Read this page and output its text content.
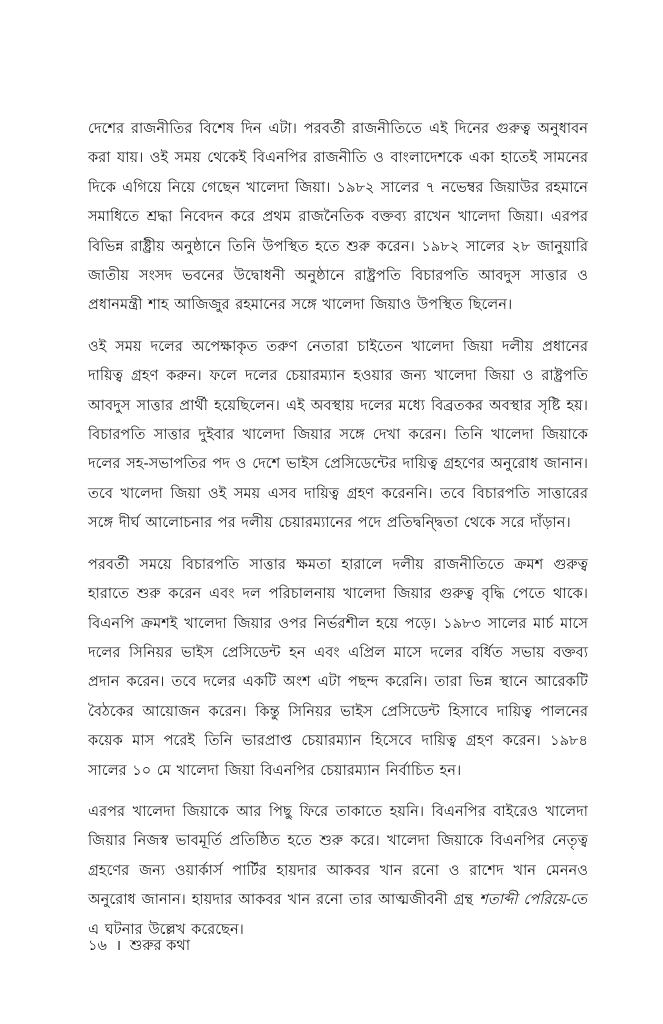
দেশের রাজনীতির বিশেষ দিন এটা। পরবর্তী রাজনীতিতে এই দিনের গুরুত্ব অনুধাবন করা যায়। ওই সময় থেকেই বিএনপির রাজনীতি ও বাংলাদেশকে একা হাতেই সামনের দিকে এগিয়ে নিয়ে গেছেন খালেদা জিয়া। ১৯৮২ সালের ৭ নভেম্বর জিয়াউর রহমানে সমাধিতে শ্রদ্ধা নিবেদন করে প্রথম রাজনৈতিক বক্তব্য রাখেন খালেদা জিয়া। এরপর বিভিন্ন রাষ্ট্রীয় অনুষ্ঠানে তিনি উপস্থিত হতে শুরু করেন। ১৯৮২ সালের ২৮ জানুয়ারি জাতীয় সংসদ ভবনের উদ্বোধনী অনুষ্ঠানে রাষ্ট্রপতি বিচারপতি আবদুস সাত্তার ও প্রধানমন্ত্রী শাহ আজিজুর রহমানের সঙ্গে খালেদা জিয়াও উপস্থিত ছিলেন।

ওই সময় দলের অপেক্ষাকৃত তরুণ নেতারা চাইতেন খালেদা জিয়া দলীয় প্রধানের দায়িত্ব গ্রহণ করুন। ফলে দলের চেয়ারম্যান হওয়ার জন্য খালেদা জিয়া ও রাষ্ট্রপতি আবদুস সাত্তার প্রার্থী হয়েছিলেন। এই অবস্থায় দলের মধ্যে বিব্রতকর অবস্থার সৃষ্টি হয়। বিচারপতি সাত্তার দুইবার খালেদা জিয়ার সঙ্গে দেখা করেন। তিনি খালেদা জিয়াকে দলের সহ-সভাপতির পদ ও দেশে ভাইস প্রেসিডেন্টের দায়িত্ব গ্রহণের অনুরোধ জানান। তবে খালেদা জিয়া ওই সময় এসব দায়িত্ব গ্রহণ করেননি। তবে বিচারপতি সাত্তারের সঙ্গে দীর্ঘ আলোচনার পর দলীয় চেয়ারম্যানের পদে প্রতিদ্বন্দ্বিতা থেকে সরে দাঁড়ান।

পরবর্তী সময়ে বিচারপতি সাত্তার ক্ষমতা হারালে দলীয় রাজনীতিতে ক্রমশ গুরুত্ব হারাতে শুরু করেন এবং দল পরিচালনায় খালেদা জিয়ার গুরুত্ব বৃদ্ধি পেতে থাকে। বিএনপি ক্রমশই খালেদা জিয়ার ওপর নির্ভরশীল হয়ে পড়ে। ১৯৮৩ সালের মার্চ মাসে দলের সিনিয়র ভাইস প্রেসিডেন্ট হন এবং এপ্রিল মাসে দলের বর্ধিত সভায় বক্তব্য প্রদান করেন। তবে দলের একটি অংশ এটা পছন্দ করেনি। তারা ভিন্ন স্থানে আরেকটি বৈঠকের আয়োজন করেন। কিন্তু সিনিয়র ভাইস প্রেসিডেন্ট হিসাবে দায়িত্ব পালনের কয়েক মাস পরেই তিনি ভারপ্রাপ্ত চেয়ারম্যান হিসেবে দায়িত্ব গ্রহণ করেন। ১৯৮৪ সালের ১০ মে খালেদা জিয়া বিএনপির চেয়ারম্যান নির্বাচিত হন।

এরপর খালেদা জিয়াকে আর পিছু ফিরে তাকাতে হয়নি। বিএনপির বাইরেও খালেদা জিয়ার নিজস্ব ভাবমূর্তি প্রতিষ্ঠিত হতে শুরু করে। খালেদা জিয়াকে বিএনপির নেতৃত্ব গ্রহণের জন্য ওয়ার্কার্স পার্টির হায়দার আকবর খান রনো ও রাশেদ খান মেননও অনুরোধ জানান। হায়দার আকবর খান রনো তার আত্মজীবনী গ্রন্থ শতাব্দী পেরিয়ে-তে এ ঘটনার উল্লেখ করেছেন।

১৬ । শুরুর কথা
